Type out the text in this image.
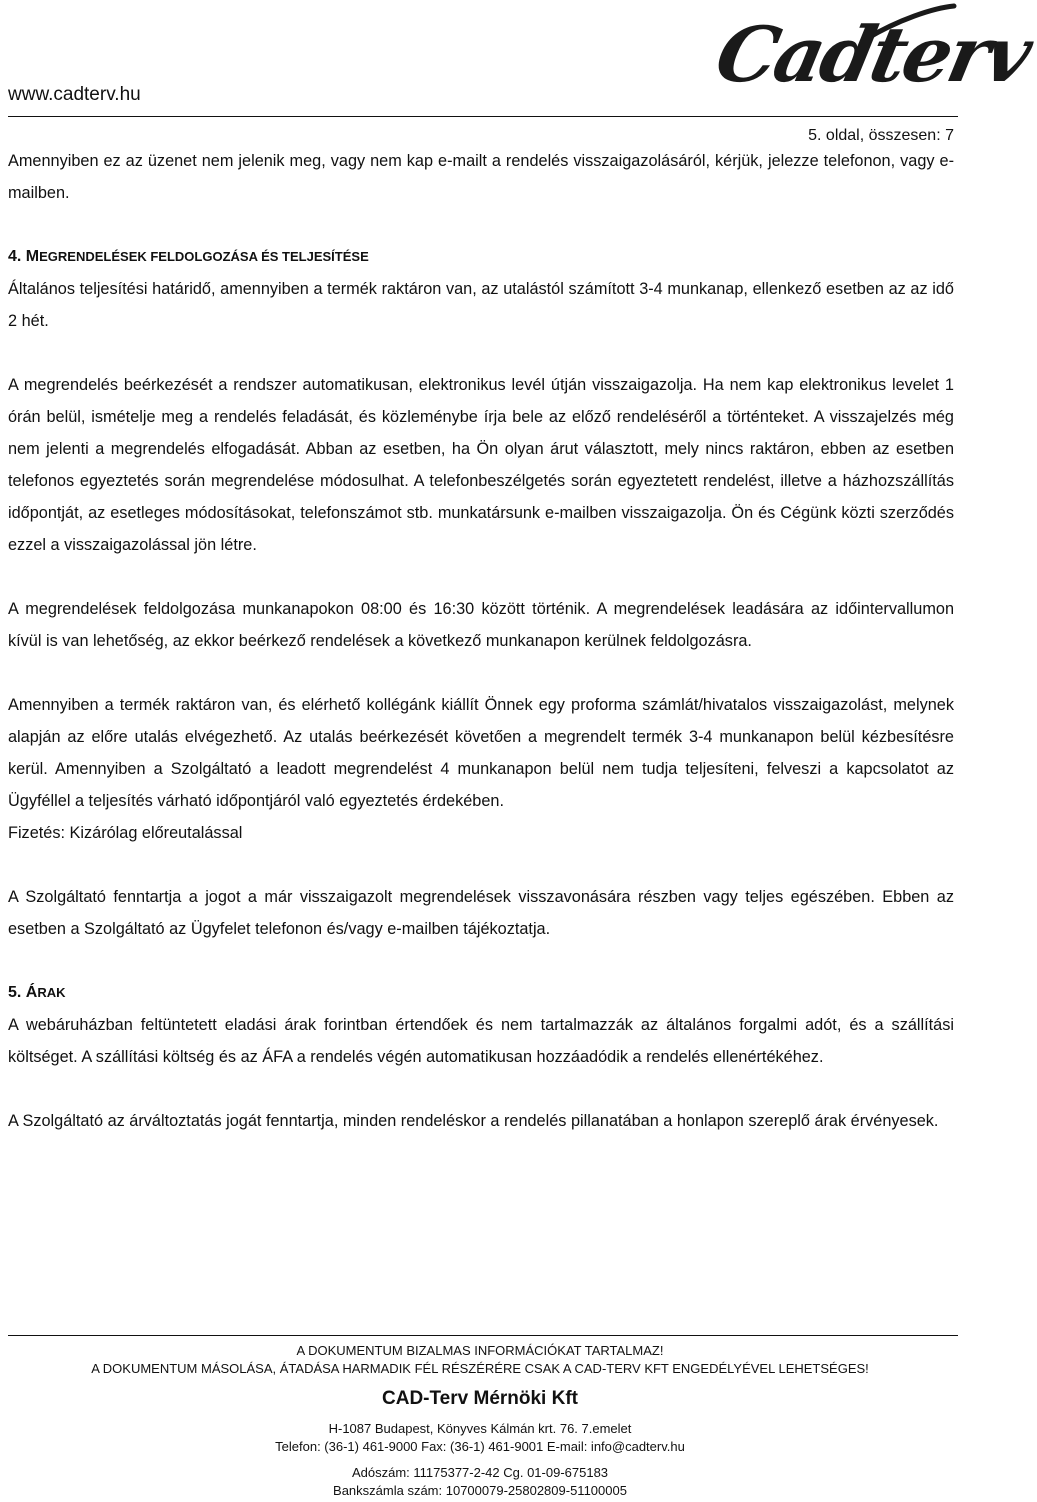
www.cadterv.hu	Cadterv
5. oldal, összesen: 7

Amennyiben ez az üzenet nem jelenik meg, vagy nem kap e-mailt a rendelés visszaigazolásáról, kérjük, jelezze telefonon, vagy e-mailben.

4. MEGRENDELÉSEK FELDOLGOZÁSA ÉS TELJESÍTÉSE

Általános teljesítési határidő, amennyiben a termék raktáron van, az utalástól számított 3-4 munkanap, ellenkező esetben az az idő 2 hét.

A megrendelés beérkezését a rendszer automatikusan, elektronikus levél útján visszaigazolja. Ha nem kap elektronikus levelet 1 órán belül, ismételje meg a rendelés feladását, és közleménybe írja bele az előző rendeléséről a történteket. A visszajelzés még nem jelenti a megrendelés elfogadását. Abban az esetben, ha Ön olyan árut választott, mely nincs raktáron, ebben az esetben telefonos egyeztetés során megrendelése módosulhat. A telefonbeszélgetés során egyeztetett rendelést, illetve a házhozszállítás időpontját, az esetleges módosításokat, telefonszámot stb. munkatársunk e-mailben visszaigazolja. Ön és Cégünk közti szerződés ezzel a visszaigazolással jön létre.

A megrendelések feldolgozása munkanapokon 08:00 és 16:30 között történik. A megrendelések leadására az időintervallumon kívül is van lehetőség, az ekkor beérkező rendelések a következő munkanapon kerülnek feldolgozásra.

Amennyiben a termék raktáron van, és elérhető kollégánk kiállít Önnek egy proforma számlát/hivatalos visszaigazolást, melynek alapján az előre utalás elvégezhető. Az utalás beérkezését követően a megrendelt termék 3-4 munkanapon belül kézbesítésre kerül. Amennyiben a Szolgáltató a leadott megrendelést 4 munkanapon belül nem tudja teljesíteni, felveszi a kapcsolatot az Ügyféllel a teljesítés várható időpontjáról való egyeztetés érdekében.

Fizetés: Kizárólag előreutalással

A Szolgáltató fenntartja a jogot a már visszaigazolt megrendelések visszavonására részben vagy teljes egészében. Ebben az esetben a Szolgáltató az Ügyfelet telefonon és/vagy e-mailben tájékoztatja.

5. ÁRAK

A webáruházban feltüntetett eladási árak forintban értendőek és nem tartalmazzák az általános forgalmi adót, és a szállítási költséget. A szállítási költség és az ÁFA a rendelés végén automatikusan hozzáadódik a rendelés ellenértékéhez.

A Szolgáltató az árváltoztatás jogát fenntartja, minden rendeléskor a rendelés pillanatában a honlapon szereplő árak érvényesek.

A DOKUMENTUM BIZALMAS INFORMÁCIÓKAT TARTALMAZ!
A DOKUMENTUM MÁSOLÁSA, ÁTADÁSA HARMADIK FÉL RÉSZÉRÉRE CSAK A CAD-TERV KFT ENGEDÉLYÉVEL LEHETSÉGES!
CAD-Terv Mérnöki Kft
H-1087 Budapest, Könyves Kálmán krt. 76. 7.emelet
Telefon: (36-1) 461-9000 Fax: (36-1) 461-9001 E-mail: info@cadterv.hu
Adószám: 11175377-2-42 Cg. 01-09-675183
Bankszámla szám: 10700079-25802809-51100005
